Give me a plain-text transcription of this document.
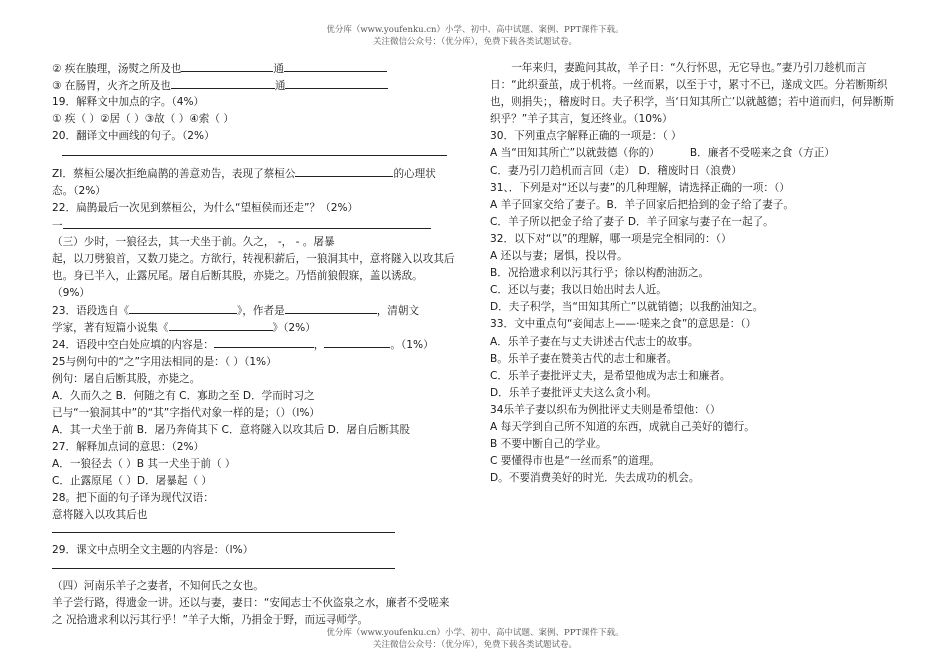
优分库（www.youfenku.cn）小学、初中、高中试题、案例、PPT课件下载。
关注微信公众号：（优分库），免费下载各类试题试卷。
② 疾在腠理，汤熨之所及也	通
③ 在肠胃，火齐之所及也	通
19．解释文中加点的字。（4%）
① 疾（ ）②居（ ）③故（ ）④索（ ）
20．翻译文中画线的句子。（2%）
ZI．蔡桓公屡次拒绝扁鹊的善意劝告，表现了蔡桓公	的心理状
态。（2%）
22．扁鹊最后一次见到蔡桓公，为什么“望桓侯而还走”？（2%）
一
（三）少时，一狼径去，其一犬坐于前。久之， -， - 。屠暴
起，以刀劈狼首，又数刀毙之。方欲行，转视积薪后，一狼洞其中，意将隧入以攻其后也。身已半入，止露尻尾。屠自后断其股，亦毙之。乃悟前狼假寐，盖以诱敌。
（9%）
23．语段选自《	》，作者是	，清朝文
学家，著有短篇小说集《	》（2%）
24．语段中空白处应填的内容是：	，	。（1%）
25与例句中的“之”字用法相同的是：（ ）（1%）
例句：屠自后断其股，亦毙之。
A．久而久之 B．何随之有 C．寡助之至 D．学而时习之
已与“一狼洞其中”的“其”字指代对象一样的是；（）（l%）
A．其一犬坐于前 B．屠乃奔倚其下 C．意将隧入以攻其后 D．屠自后断其股
27．解释加点词的意思：（2%）
A．一狼径去（ ）B 其一犬坐于前（ ）
C．止露原尾（ ）D．屠暴起（ ）
28。把下面的句子译为现代汉语：
意将隧入以攻其后也
29．课文中点明全文主题的内容是：（l%）
（四）河南乐羊子之妻者，不知何氏之女也。
羊子尝行路，得遗金一讲。还以与妻，妻日：“安闻志士不伙盗泉之水，廉者不受嗟来之 况拾遗求利以污其行乎！”羊子大惭，乃捐金于野，而远寻师学。
一年来归，妻跪问其故，羊子日：“久行怀思，无它导也。”妻乃引刀趁机而言日：“此织蚕茧，成于机将。一丝而累，以至于寸，累寸不已，遂成文匹。分若断斯织也，则捐失；，稽废时日。夫子积学，当‘日知其所亡’以就越德；若中道而归，何异断斯织乎？”羊子其言，复还终业。（10%）
30．下列重点字解释正确的一项是：（ ）
A 当“田知其所亡”以就鼓德（你的）	B．廉者不受嗟来之食（方正）
C．妻乃引刀趋机而言回（走） D．稽废时日（浪费）
31、．下列是对“还以与妻”的几种理解，请选择正确的一项：（）
A 羊子回家交给了妻子。B．羊子回家后把拾到的金子给了妻子。
C．羊子所以把金子给了妻子 D．羊子回家与妻子在一起了。
32．以下对“以”的理解，哪一项是完全相同的：（）
A 还以与妻；屠惧，投以骨。
B．况拾遗求利以污其行乎；徐以构酌油沥之。
C．还以与妻；我以日始出时去人近。
D．夫子积学，当“田知其所亡”以就销德；以我酌油知之。
33．文中重点句“妾闻志上——·嗟来之食”的意思是：（）
A．乐羊子妻在与丈夫讲述古代志士的故事。
B。乐羊子妻在赞美古代的志士和廉者。
C．乐羊子妻批评丈夫，是希望他成为志士和廉者。
D．乐羊子妻批评丈夫这么贪小利。
34乐羊子妻以织布为例批评丈夫则是希望他：（）
A 每天学到自己所不知道的东西，成就自己美好的德行。
B 不要中断自己的学业。
C 要懂得市也是“一丝而系”的道理。
D。不要消费美好的时光．失去成功的机会。
优分库（www.youfenku.cn）小学、初中、高中试题、案例、PPT课件下载。
关注微信公众号：（优分库），免费下载各类试题试卷。
